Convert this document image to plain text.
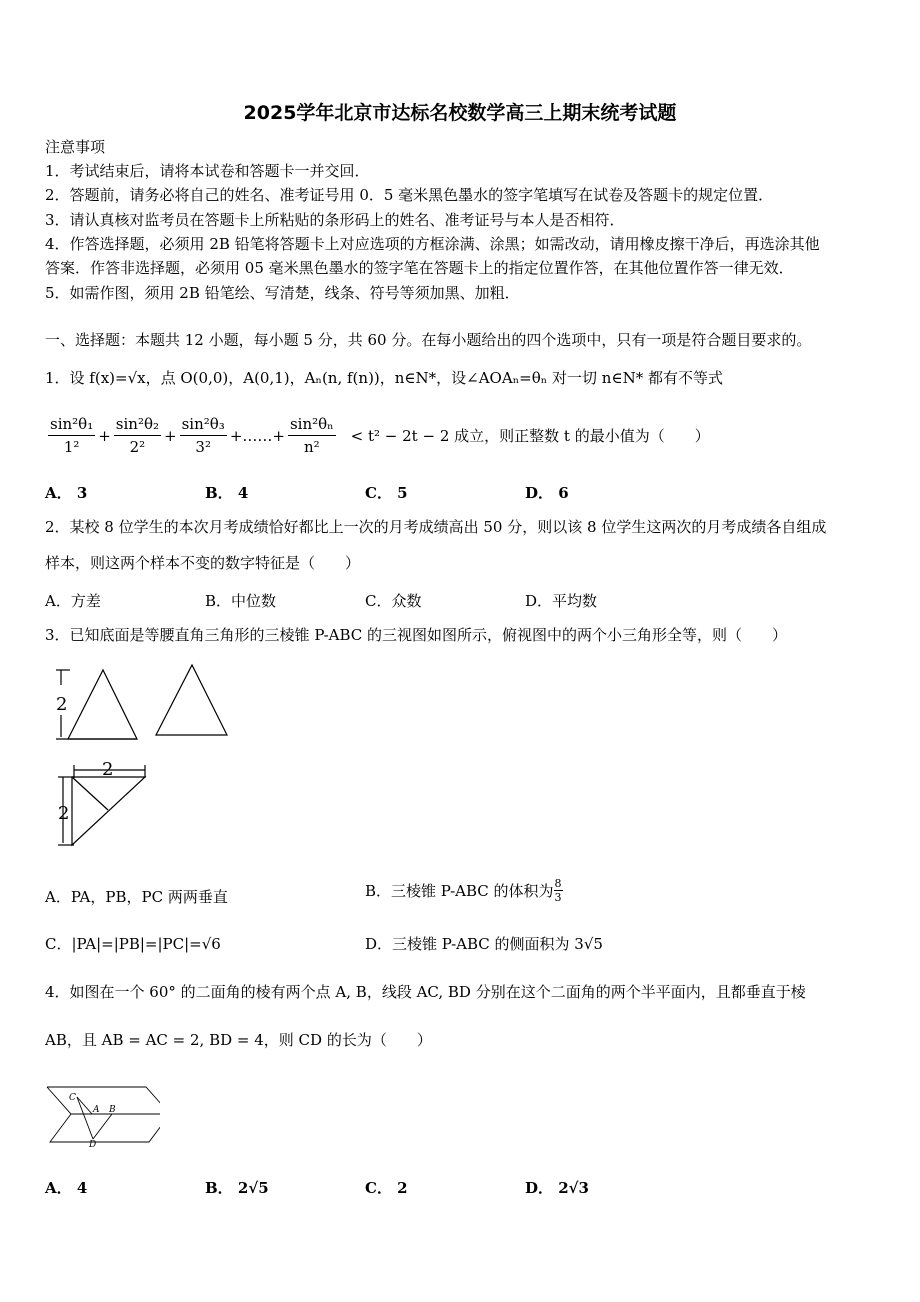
2025学年北京市达标名校数学高三上期末统考试题
注意事项
1．考试结束后，请将本试卷和答题卡一并交回．
2．答题前，请务必将自己的姓名、准考证号用 0．5 毫米黑色墨水的签字笔填写在试卷及答题卡的规定位置．
3．请认真核对监考员在答题卡上所粘贴的条形码上的姓名、准考证号与本人是否相符．
4．作答选择题，必须用 2B 铅笔将答题卡上对应选项的方框涂满、涂黑；如需改动，请用橡皮擦干净后，再选涂其他
答案．作答非选择题，必须用 05 毫米黑色墨水的签字笔在答题卡上的指定位置作答，在其他位置作答一律无效．
5．如需作图，须用 2B 铅笔绘、写清楚，线条、符号等须加黑、加粗．
一、选择题：本题共 12 小题，每小题 5 分，共 60 分。在每小题给出的四个选项中，只有一项是符合题目要求的。
1．设 f(x)=√x，点 O(0,0)，A(0,1)，Aₙ(n, f(n))，n∈N*，设∠AOAₙ=θₙ 对一切 n∈N* 都有不等式
$\frac{\text{sin²θ₁}}{\text{1²}} + \frac{\text{sin²θ₂}}{\text{2²}} + \frac{\text{sin²θ₃}}{\text{3²}}$ +……+ $\frac{\text{sin²θₙ}}{\text{n²}} < t^2 - 2t - 2$ 成立，则正整数 t 的最小值为（　　）
A． 3	B． 4	C． 5	D． 6
2．某校 8 位学生的本次月考成绩恰好都比上一次的月考成绩高出 50 分，则以该 8 位学生这两次的月考成绩各自组成
样本，则这两个样本不变的数字特征是（　　）
A．方差	B．中位数	C．众数	D．平均数
3．已知底面是等腰直角三角形的三棱锥 P-ABC 的三视图如图所示，俯视图中的两个小三角形全等，则（　　）
2
2
2
A．PA，PB，PC 两两垂直	B．三棱锥 P-ABC 的体积为 8
3
C．|PA|=|PB|=|PC|=√6	D．三棱锥 P-ABC 的侧面积为 3√5
4．如图在一个 60° 的二面角的棱有两个点 A, B，线段 AC, BD 分别在这个二面角的两个半平面内，且都垂直于棱
AB，且 AB = AC = 2, BD = 4，则 CD 的长为（　　）
C
A B
D
A． 4	B． 2√5	C． 2	D． 2√3
